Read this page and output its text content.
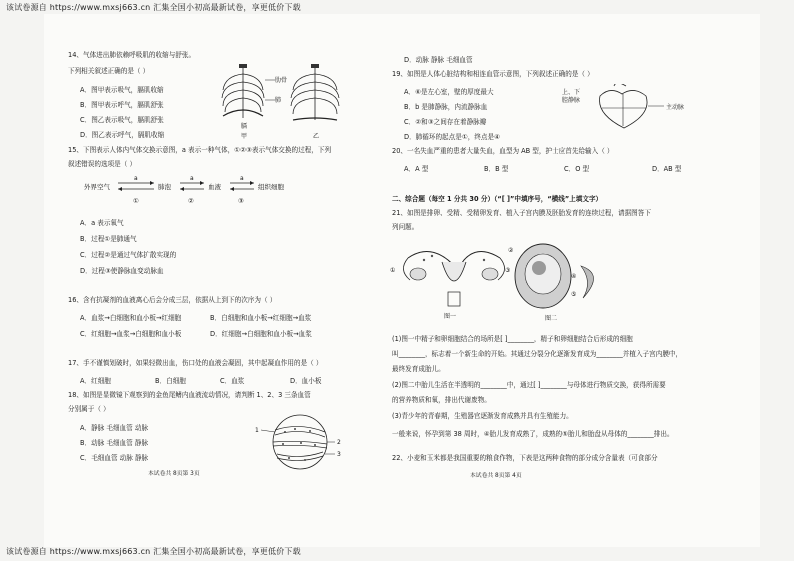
该试卷源自 https://www.mxsj663.cn 汇集全国小初高最新试卷，享更低价下载
14、气体进出肺依赖呼吸肌的收缩与舒张。
下列相关叙述正确的是（ ）
A．图甲表示吸气，膈肌收缩
B．图甲表示呼气，膈肌舒张
C．图乙表示吸气，膈肌舒张
D．图乙表示呼气，膈肌收缩
肋骨
肺
膈
甲	乙
15、下图表示人体内气体交换示意图，a 表示一种气体，①②③表示气体交换的过程，下列
叙述错误的选项是（ ）
外界空气	肺泡	血液	组织细胞
a	a	a
①	②	③
A．a 表示氧气
B．过程①是肺通气
C．过程②是通过气体扩散实现的
D．过程③使静脉血变动脉血
16、含有抗凝剂的血液离心后会分成三层，依据从上到下的次序为（ ）
A．血浆→白细胞和血小板→红细胞	B．白细胞和血小板→红细胞→血浆
C．红细胞→血浆→白细胞和血小板	D．红细胞→白细胞和血小板→血浆
17、手不谨慎划破时，如果轻微出血，伤口处的血液会凝固，其中起凝血作用的是（ ）
A．红细胞	B．白细胞	C．血浆	D．血小板
18、如图是显微镜下观察到的金鱼尾鳍内血液流动情况，请判断 1、2、3 三条血管
分别属于（ ）
A．静脉 毛细血管 动脉
B．动脉 毛细血管 静脉
C．毛细血管 动脉 静脉
1
2
3
本试卷共 8页第 3页
D．动脉 静脉 毛细血管
19、如图是人体心脏结构和相连血管示意图，下列叙述正确的是（ ）
A．⑥是左心室，壁的厚度最大
B．b 是肺静脉，内流静脉血
C．②和③之间存在着静脉瓣
D．肺循环的起点是①，终点是④
上、下
腔静脉
主动脉
20、一名失血严重的患者大量失血，血型为 AB 型，护士应首先给输入（ ）
A．A 型	B．B 型	C．O 型	D．AB 型
二、综合题（每空 1 分共 30 分）（“[ ]”中填序号，“横线”上填文字）
21、如图是排卵、受精、受精卵发育、植入子宫内膜及胚胎发育的连续过程，请据图答下
列问题。
①
②
图一
③
④
⑤
图二
(1)图一中精子和卵细胞结合的场所是[ ]________，精子和卵细胞结合后形成的细胞
叫________，标志着一个新生命的开始。其通过分裂分化逐渐发育成为________并植入子宫内膜中，
最终发育成胎儿。
(2)图二中胎儿生活在半透明的________中，通过[ ]________与母体进行物质交换，获得所需要
的营养物质和氧，排出代谢废物。
(3)青少年的青春期，生殖器官逐渐发育成熟并具有生殖能力。
一般来说，怀孕到第 38 周时，④胎儿发育成熟了，成熟的⑤胎儿和胎盘从母体的________排出。
22、小麦和玉米都是我国重要的粮食作物，下表是这两种食物的部分成分含量表（可食部分
本试卷共 8页第 4页
该试卷源自 https://www.mxsj663.cn 汇集全国小初高最新试卷，享更低价下载
